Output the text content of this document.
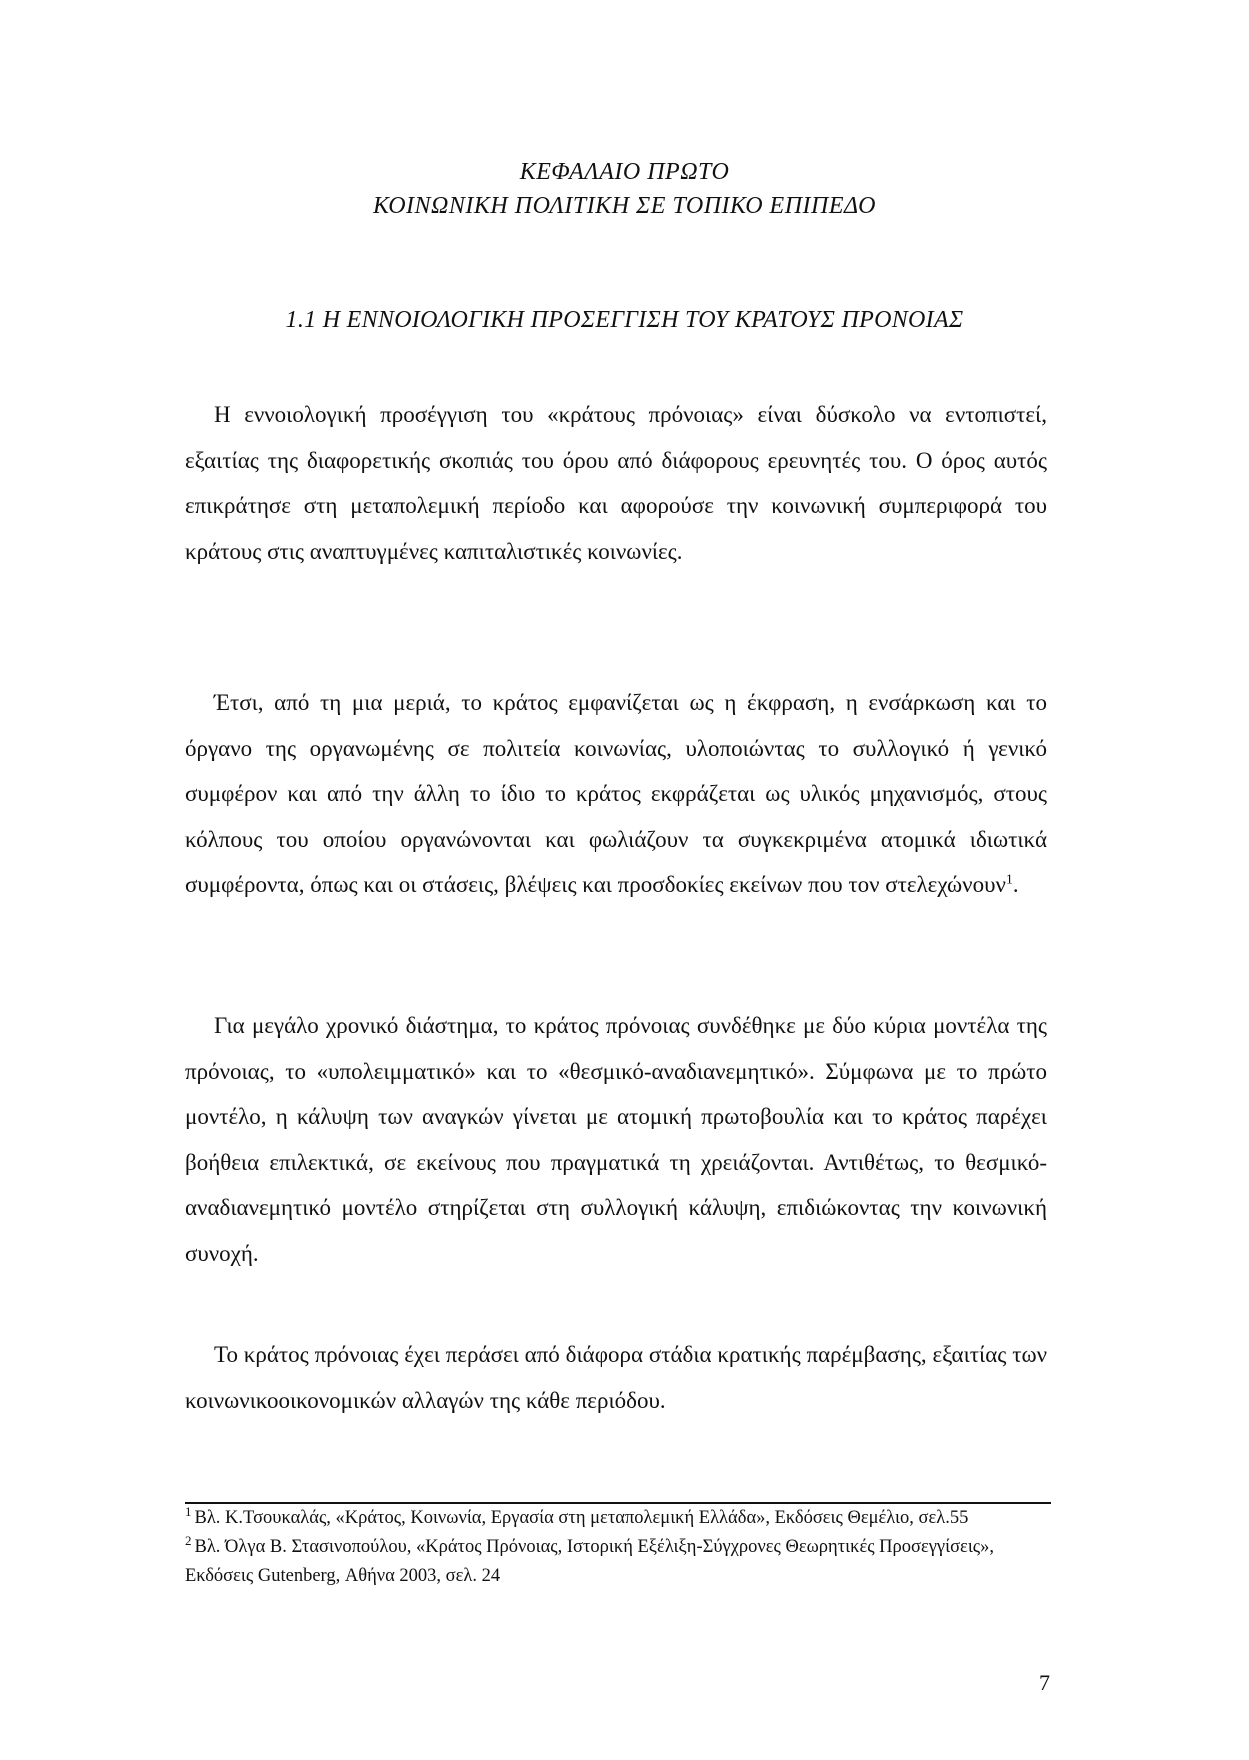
ΚΕΦΑΛΑΙΟ ΠΡΩΤΟ
ΚΟΙΝΩΝΙΚΗ ΠΟΛΙΤΙΚΗ ΣΕ ΤΟΠΙΚΟ ΕΠΙΠΕΔΟ
1.1 Η ΕΝΝΟΙΟΛΟΓΙΚΗ ΠΡΟΣΕΓΓΙΣΗ ΤΟΥ ΚΡΑΤΟΥΣ ΠΡΟΝΟΙΑΣ

Η εννοιολογική προσέγγιση του «κράτους πρόνοιας» είναι δύσκολο να εντοπιστεί, εξαιτίας της διαφορετικής σκοπιάς του όρου από διάφορους ερευνητές του. Ο όρος αυτός επικράτησε στη μεταπολεμική περίοδο και αφορούσε την κοινωνική συμπεριφορά του κράτους στις αναπτυγμένες καπιταλιστικές κοινωνίες.

Έτσι, από τη μια μεριά, το κράτος εμφανίζεται ως η έκφραση, η ενσάρκωση και το όργανο της οργανωμένης σε πολιτεία κοινωνίας, υλοποιώντας το συλλογικό ή γενικό συμφέρον και από την άλλη το ίδιο το κράτος εκφράζεται ως υλικός μηχανισμός, στους κόλπους του οποίου οργανώνονται και φωλιάζουν τα συγκεκριμένα ατομικά ιδιωτικά συμφέροντα, όπως και οι στάσεις, βλέψεις και προσδοκίες εκείνων που τον στελεχώνουν$^1$.

Για μεγάλο χρονικό διάστημα, το κράτος πρόνοιας συνδέθηκε με δύο κύρια μοντέλα της πρόνοιας, το «υπολειμματικό» και το «θεσμικό-αναδιανεμητικό». Σύμφωνα με το πρώτο μοντέλο, η κάλυψη των αναγκών γίνεται με ατομική πρωτοβουλία και το κράτος παρέχει βοήθεια επιλεκτικά, σε εκείνους που πραγματικά τη χρειάζονται. Αντιθέτως, το θεσμικό-αναδιανεμητικό μοντέλο στηρίζεται στη συλλογική κάλυψη, επιδιώκοντας την κοινωνική συνοχή.

Το κράτος πρόνοιας έχει περάσει από διάφορα στάδια κρατικής παρέμβασης, εξαιτίας των κοινωνικοοικονομικών αλλαγών της κάθε περιόδου.

$^1$ Βλ. Κ.Τσουκαλάς, «Κράτος, Κοινωνία, Εργασία στη μεταπολεμική Ελλάδα», Εκδόσεις Θεμέλιο, σελ.55

$^2$ Βλ. Όλγα Β. Στασινοπούλου, «Κράτος Πρόνοιας, Ιστορική Εξέλιξη-Σύγχρονες Θεωρητικές Προσεγγίσεις», Εκδόσεις Gutenberg, Αθήνα 2003, σελ. 24

7
